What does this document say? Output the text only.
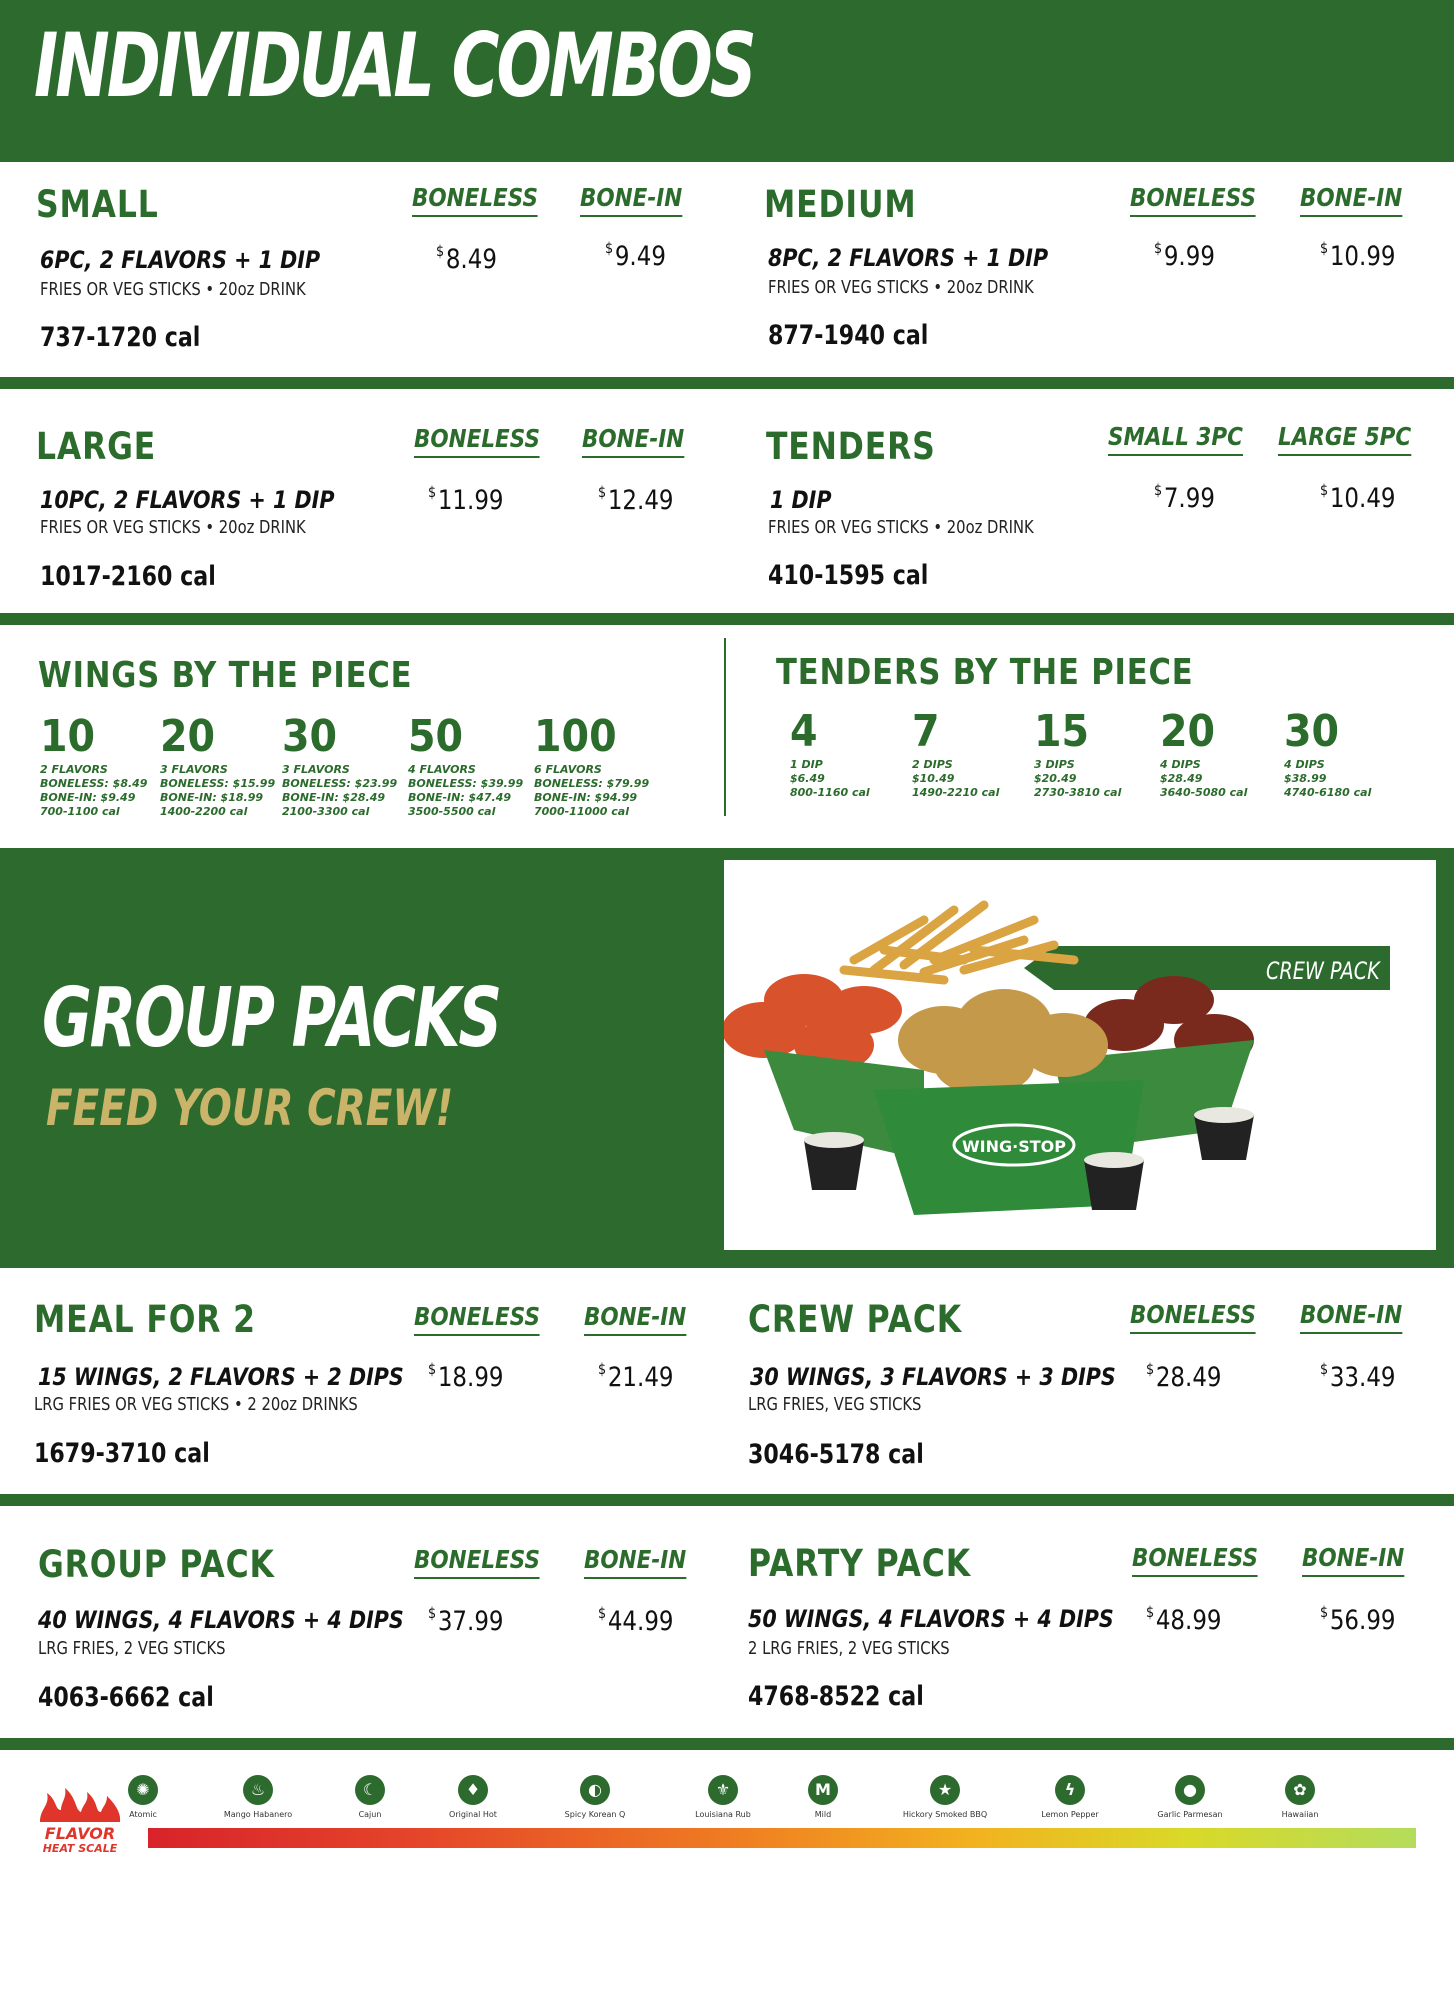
INDIVIDUAL COMBOS
SMALL	BONELESS BONE-IN
6PC, 2 FLAVORS + 1 DIP
FRIES OR VEG STICKS • 20oz DRINK
737-1720 cal
$8.49	$9.49
MEDIUM	BONELESS BONE-IN
8PC, 2 FLAVORS + 1 DIP
FRIES OR VEG STICKS • 20oz DRINK
877-1940 cal
$9.99	$10.99
LARGE	BONELESS BONE-IN
10PC, 2 FLAVORS + 1 DIP
FRIES OR VEG STICKS • 20oz DRINK
1017-2160 cal
$11.99	$12.49
TENDERS	SMALL 3PC LARGE 5PC
1 DIP
FRIES OR VEG STICKS • 20oz DRINK
410-1595 cal
$7.99	$10.49
WINGS BY THE PIECE	TENDERS BY THE PIECE
10
2 FLAVORS
BONELESS: $8.49
BONE-IN: $9.49
700-1100 cal
20
3 FLAVORS
BONELESS: $15.99
BONE-IN: $18.99
1400-2200 cal
30
3 FLAVORS
BONELESS: $23.99
BONE-IN: $28.49
2100-3300 cal
50
4 FLAVORS
BONELESS: $39.99
BONE-IN: $47.49
3500-5500 cal
100
6 FLAVORS
BONELESS: $79.99
BONE-IN: $94.99
7000-11000 cal
4
1 DIP
$6.49
800-1160 cal
7
2 DIPS
$10.49
1490-2210 cal
15
3 DIPS
$20.49
2730-3810 cal
20
4 DIPS
$28.49
3640-5080 cal
30
4 DIPS
$38.99
4740-6180 cal
WING·STOP
CREW PACK
GROUP PACKS
FEED YOUR CREW!
MEAL FOR 2	BONELESS BONE-IN
15 WINGS, 2 FLAVORS + 2 DIPS
LRG FRIES OR VEG STICKS • 2 20oz DRINKS
1679-3710 cal
$18.99	$21.49
CREW PACK	BONELESS BONE-IN
30 WINGS, 3 FLAVORS + 3 DIPS
LRG FRIES, VEG STICKS
3046-5178 cal
$28.49	$33.49
GROUP PACK	BONELESS BONE-IN
40 WINGS, 4 FLAVORS + 4 DIPS
LRG FRIES, 2 VEG STICKS
4063-6662 cal
$37.99	$44.99
PARTY PACK	BONELESS BONE-IN
50 WINGS, 4 FLAVORS + 4 DIPS
2 LRG FRIES, 2 VEG STICKS
4768-8522 cal
$48.99	$56.99
FLAVOR
HEAT SCALE
✺
Atomic
♨
Mango Habanero
☾
Cajun
♦
Original Hot
◐
Spicy Korean Q
⚜
Louisiana Rub
M
Mild
★
Hickory Smoked BBQ
ϟ
Lemon Pepper
●
Garlic Parmesan
✿
Hawaiian
